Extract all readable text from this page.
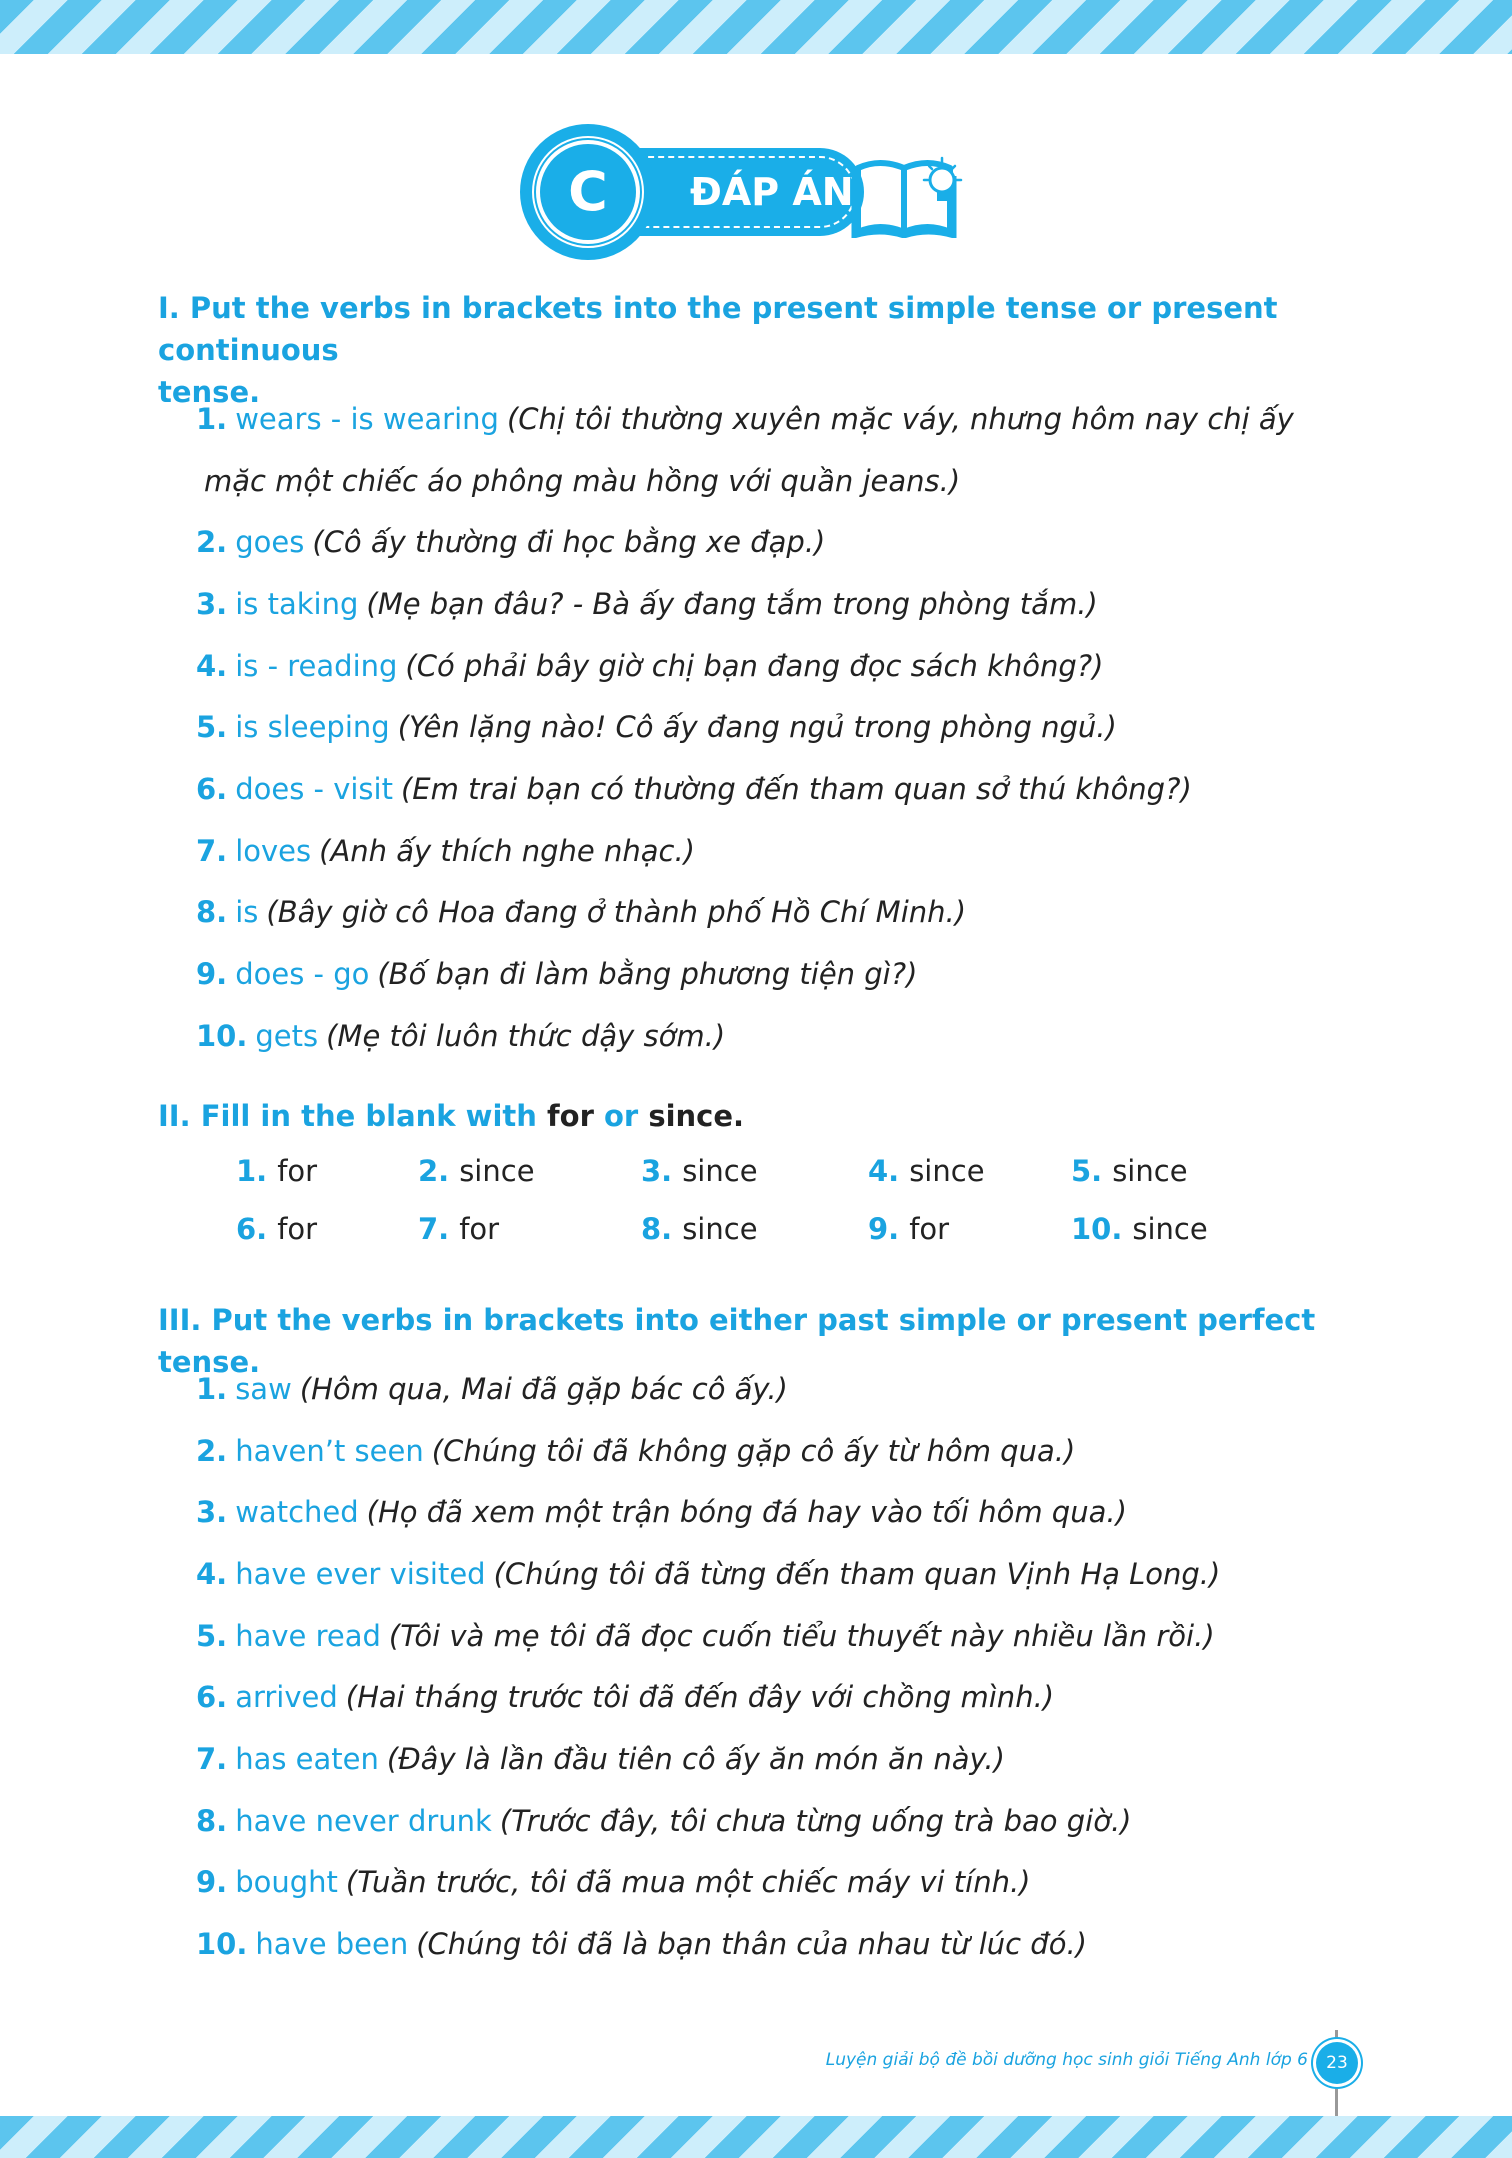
ĐÁP ÁN
C
I. Put the verbs in brackets into the present simple tense or present continuous
tense.
1. wears - is wearing (Chị tôi thường xuyên mặc váy, nhưng hôm nay chị ấy
mặc một chiếc áo phông màu hồng với quần jeans.)
2. goes (Cô ấy thường đi học bằng xe đạp.)
3. is taking (Mẹ bạn đâu? - Bà ấy đang tắm trong phòng tắm.)
4. is - reading (Có phải bây giờ chị bạn đang đọc sách không?)
5. is sleeping (Yên lặng nào! Cô ấy đang ngủ trong phòng ngủ.)
6. does - visit (Em trai bạn có thường đến tham quan sở thú không?)
7. loves (Anh ấy thích nghe nhạc.)
8. is (Bây giờ cô Hoa đang ở thành phố Hồ Chí Minh.)
9. does - go (Bố bạn đi làm bằng phương tiện gì?)
10. gets (Mẹ tôi luôn thức dậy sớm.)
II. Fill in the blank with for or since.
1. for	2. since	3. since	4. since	5. since
6. for	7. for	8. since	9. for	10. since
III. Put the verbs in brackets into either past simple or present perfect tense.
1. saw (Hôm qua, Mai đã gặp bác cô ấy.)
2. haven’t seen (Chúng tôi đã không gặp cô ấy từ hôm qua.)
3. watched (Họ đã xem một trận bóng đá hay vào tối hôm qua.)
4. have ever visited (Chúng tôi đã từng đến tham quan Vịnh Hạ Long.)
5. have read (Tôi và mẹ tôi đã đọc cuốn tiểu thuyết này nhiều lần rồi.)
6. arrived (Hai tháng trước tôi đã đến đây với chồng mình.)
7. has eaten (Đây là lần đầu tiên cô ấy ăn món ăn này.)
8. have never drunk (Trước đây, tôi chưa từng uống trà bao giờ.)
9. bought (Tuần trước, tôi đã mua một chiếc máy vi tính.)
10. have been (Chúng tôi đã là bạn thân của nhau từ lúc đó.)
Luyện giải bộ đề bồi dưỡng học sinh giỏi Tiếng Anh lớp 6	23
